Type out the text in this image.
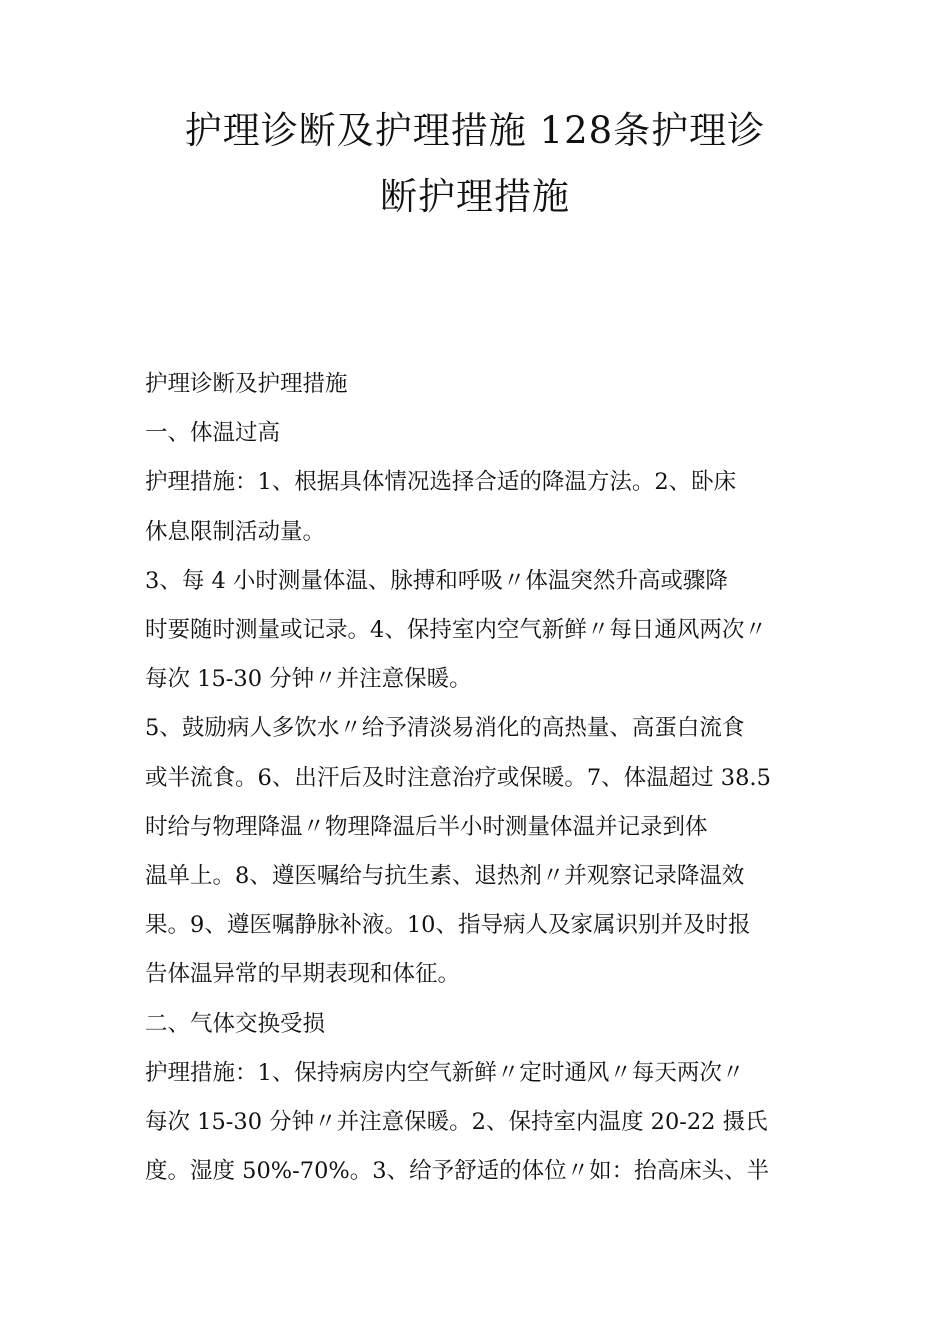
护理诊断及护理措施 128条护理诊
断护理措施

护理诊断及护理措施

一、体温过高

护理措施：1、根据具体情况选择合适的降温方法。2、卧床

休息限制活动量。

3、每 4 小时测量体温、脉搏和呼吸〃体温突然升高或骤降

时要随时测量或记录。4、保持室内空气新鲜〃每日通风两次〃

每次 15-30 分钟〃并注意保暖。

5、鼓励病人多饮水〃给予清淡易消化的高热量、高蛋白流食

或半流食。6、出汗后及时注意治疗或保暖。7、体温超过 38.5

时给与物理降温〃物理降温后半小时测量体温并记录到体

温单上。8、遵医嘱给与抗生素、退热剂〃并观察记录降温效

果。9、遵医嘱静脉补液。10、指导病人及家属识别并及时报

告体温异常的早期表现和体征。

二、气体交换受损

护理措施：1、保持病房内空气新鲜〃定时通风〃每天两次〃

每次 15-30 分钟〃并注意保暖。2、保持室内温度 20-22 摄氏

度。湿度 50%-70%。3、给予舒适的体位〃如：抬高床头、半
